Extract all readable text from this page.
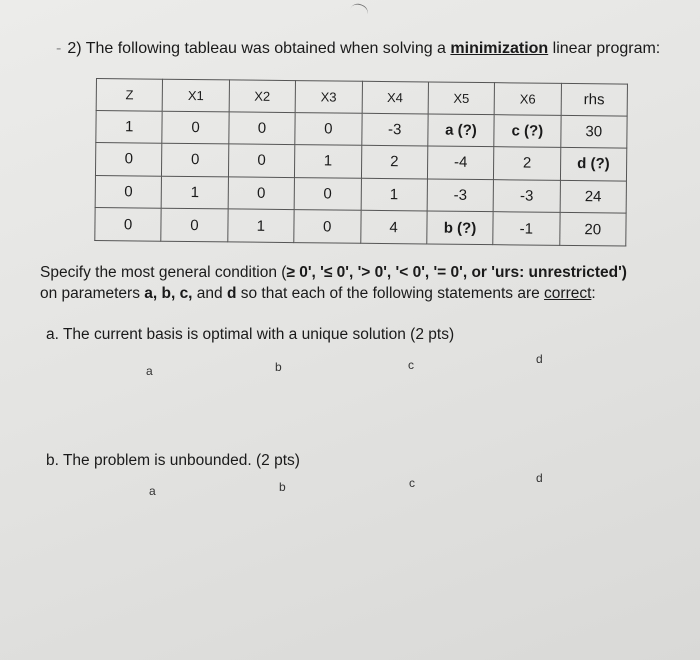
- 2) The following tableau was obtained when solving a minimization linear program:
Z	X1	X2	X3	X4	X5	X6	rhs
1	0	0	0	-3	a (?)	c (?)	30
0	0	0	1	2	-4	2	d (?)
0	1	0	0	1	-3	-3	24
0	0	1	0	4	b (?)	-1	20
Specify the most general condition (≥ 0', '≤ 0', '> 0', '< 0', '= 0', or 'urs: unrestricted')
on parameters a, b, c, and d so that each of the following statements are correct:
a. The current basis is optimal with a unique solution (2 pts)
a	b	c	d
b. The problem is unbounded. (2 pts)
a	b	c	d
